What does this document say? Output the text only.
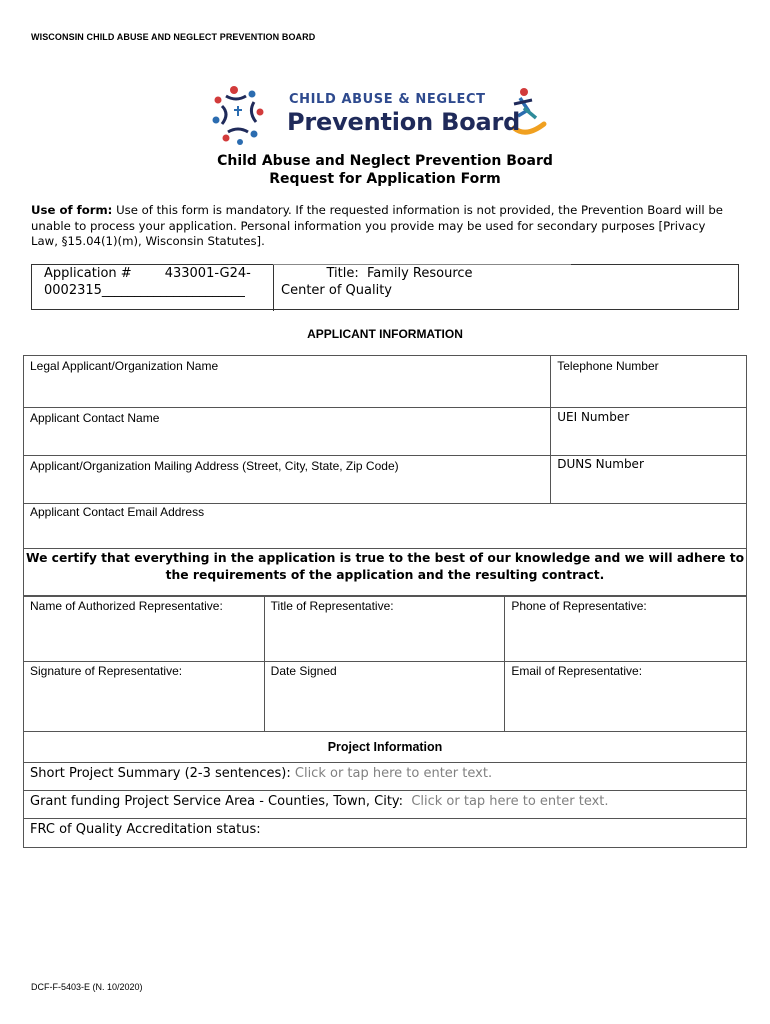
WISCONSIN CHILD ABUSE AND NEGLECT PREVENTION BOARD
CHILD ABUSE & NEGLECT
Prevention Board
Child Abuse and Neglect Prevention Board
Request for Application Form
Use of form: Use of this form is mandatory. If the requested information is not provided, the Prevention Board will be unable to process your application. Personal information you provide may be used for secondary purposes [Privacy Law, §15.04(1)(m), Wisconsin Statutes].
Application #        433001-G24-
0002315______________________
Title:  Family Resource
Center of Quality
APPLICANT INFORMATION
Legal Applicant/Organization Name	Telephone Number
Applicant Contact Name	UEI Number
Applicant/Organization Mailing Address (Street, City, State, Zip Code)	DUNS Number
Applicant Contact Email Address	
We certify that everything in the application is true to the best of our knowledge and we will adhere to the requirements of the application and the resulting contract.
Name of Authorized Representative:	Title of Representative:	Phone of Representative:
Signature of Representative:	Date Signed	Email of Representative:
Project Information
Short Project Summary (2-3 sentences): Click or tap here to enter text.
Grant funding Project Service Area - Counties, Town, City:  Click or tap here to enter text.
FRC of Quality Accreditation status:
DCF-F-5403-E (N. 10/2020)
